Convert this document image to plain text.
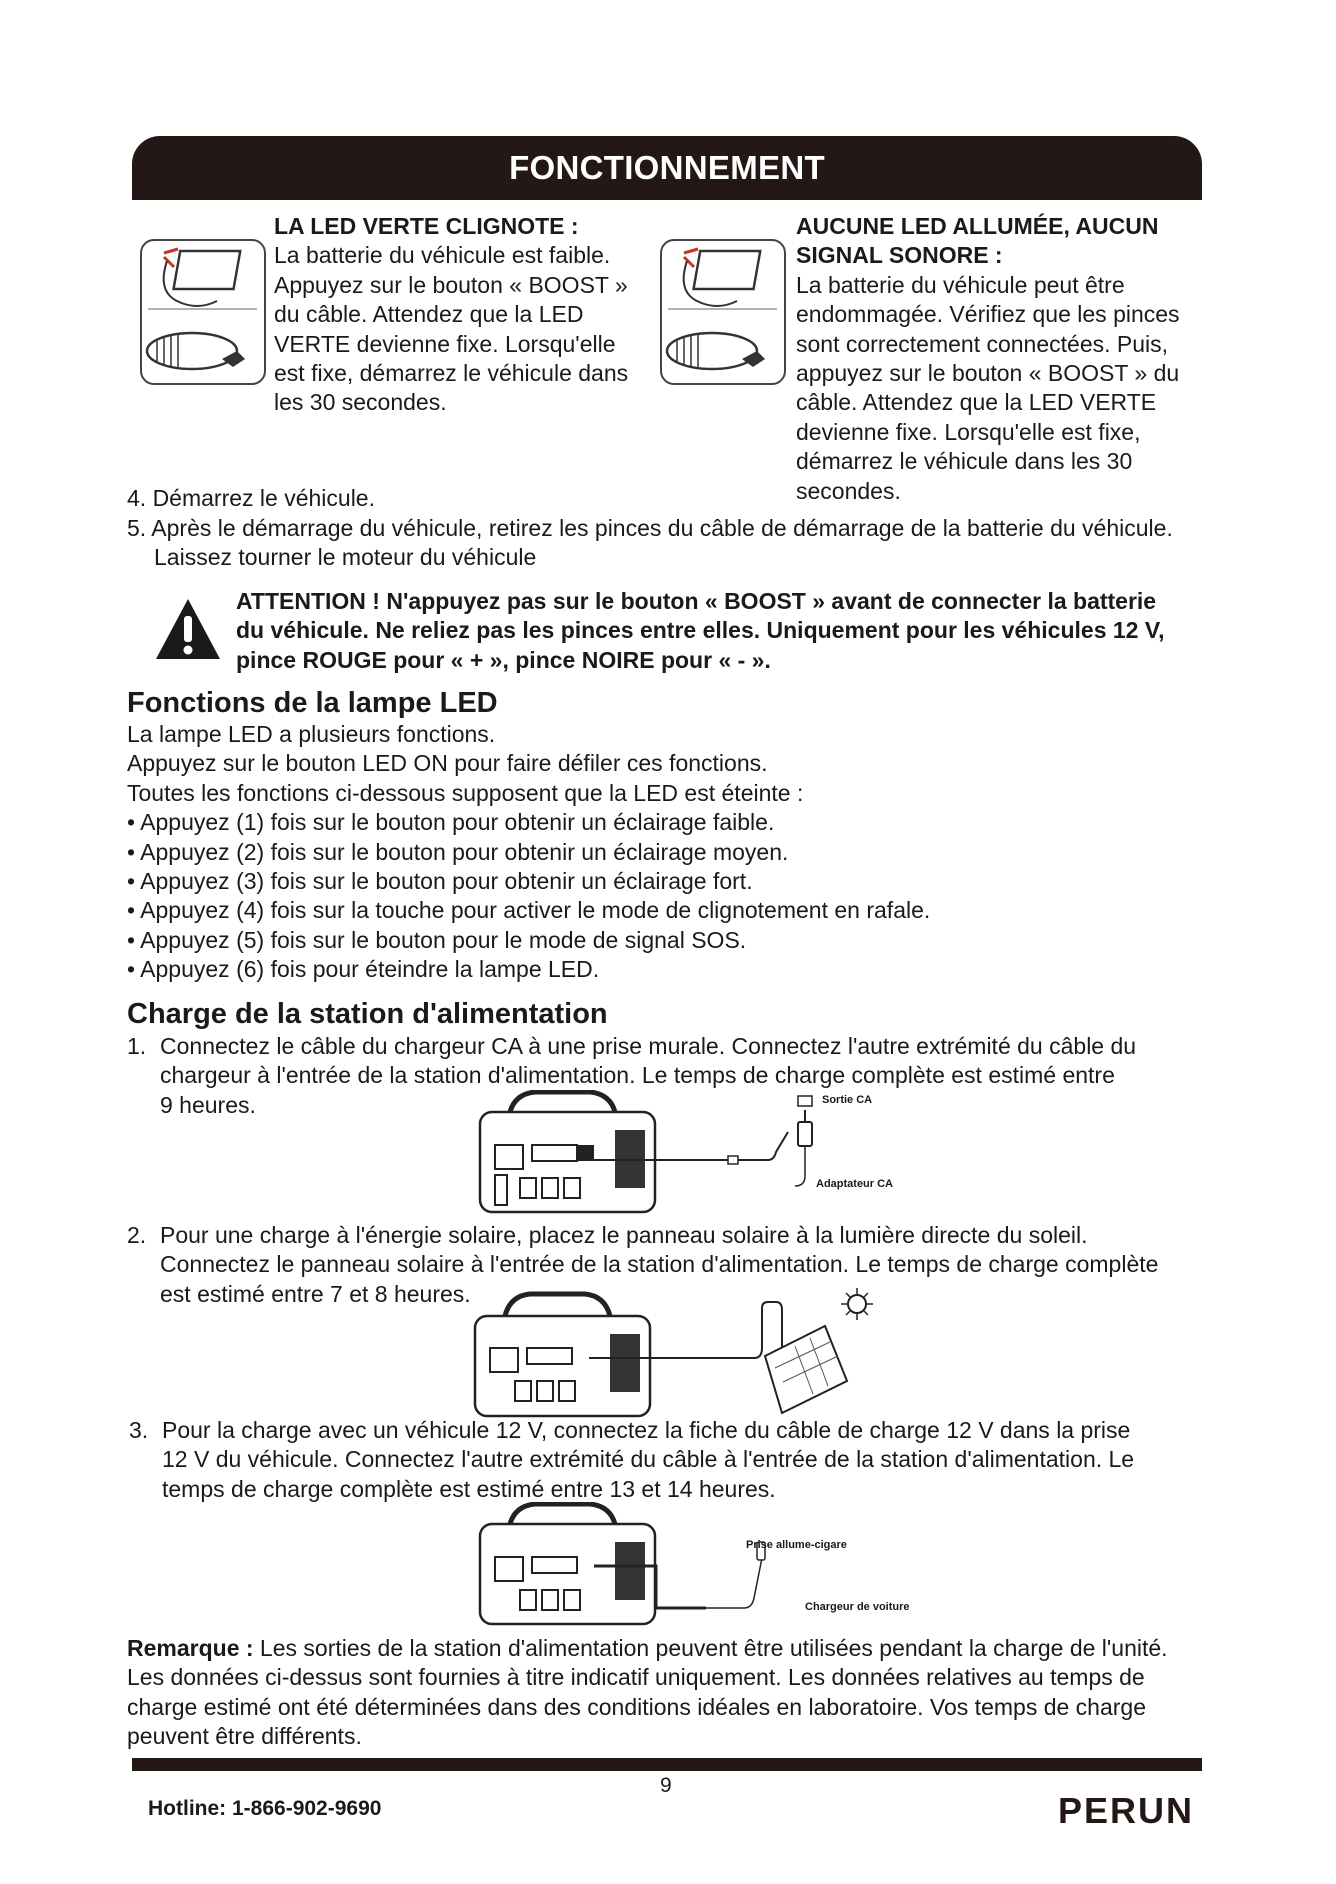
FONCTIONNEMENT
LA LED VERTE CLIGNOTE :

La batterie du véhicule est faible.

Appuyez sur le bouton « BOOST »

du câble. Attendez que la LED

VERTE devienne fixe. Lorsqu'elle

est fixe, démarrez le véhicule dans

les 30 secondes.

AUCUNE LED ALLUMÉE, AUCUN
SIGNAL SONORE :

La batterie du véhicule peut être

endommagée. Vérifiez que les pinces

sont correctement connectées. Puis,

appuyez sur le bouton « BOOST » du

câble. Attendez que la LED VERTE

devienne fixe. Lorsqu'elle est fixe,

démarrez le véhicule dans les 30

secondes.

4. Démarrez le véhicule.

5. Après le démarrage du véhicule, retirez les pinces du câble de démarrage de la batterie du véhicule.

Laissez tourner le moteur du véhicule

ATTENTION ! N'appuyez pas sur le bouton « BOOST » avant de connecter la batterie

du véhicule. Ne reliez pas les pinces entre elles. Uniquement pour les véhicules 12 V,

pince ROUGE pour « + », pince NOIRE pour « - ».

Fonctions de la lampe LED

La lampe LED a plusieurs fonctions.

Appuyez sur le bouton LED ON pour faire défiler ces fonctions.

Toutes les fonctions ci-dessous supposent que la LED est éteinte :

• Appuyez (1) fois sur le bouton pour obtenir un éclairage faible.
• Appuyez (2) fois sur le bouton pour obtenir un éclairage moyen.
• Appuyez (3) fois sur le bouton pour obtenir un éclairage fort.
• Appuyez (4) fois sur la touche pour activer le mode de clignotement en rafale.
• Appuyez (5) fois sur le bouton pour le mode de signal SOS.
• Appuyez (6) fois pour éteindre la lampe LED.
Charge de la station d'alimentation
1. Connectez le câble du chargeur CA à une prise murale. Connectez l'autre extrémité du câble du

chargeur à l'entrée de la station d'alimentation. Le temps de charge complète est estimé entre

9 heures.	Sortie CA
Adaptateur CA
2. Pour une charge à l'énergie solaire, placez le panneau solaire à la lumière directe du soleil.

Connectez le panneau solaire à l'entrée de la station d'alimentation. Le temps de charge complète

est estimé entre 7 et 8 heures.

3. Pour la charge avec un véhicule 12 V, connectez la fiche du câble de charge 12 V dans la prise

12 V du véhicule. Connectez l'autre extrémité du câble à l'entrée de la station d'alimentation. Le

temps de charge complète est estimé entre 13 et 14 heures.

Prise allume-cigare
Chargeur de voiture

Remarque : Les sorties de la station d'alimentation peuvent être utilisées pendant la charge de l'unité.

Les données ci-dessus sont fournies à titre indicatif uniquement. Les données relatives au temps de

charge estimé ont été déterminées dans des conditions idéales en laboratoire. Vos temps de charge

peuvent être différents.

9
Hotline: 1-866-902-9690	PERUN
